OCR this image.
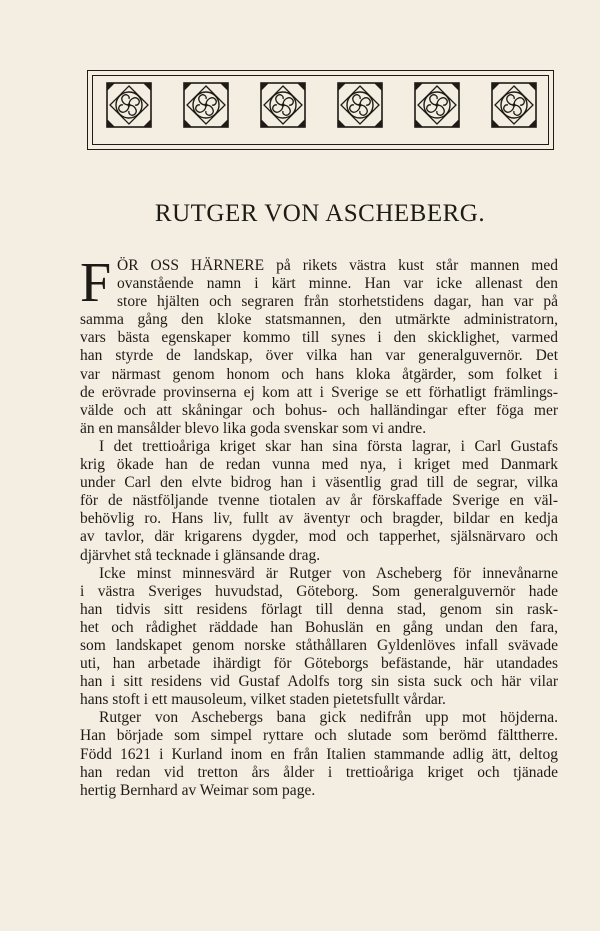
RUTGER VON ASCHEBERG.
F ÖR OSS HÄRNERE på rikets västra kust står mannen med
ovanstående namn i kärt minne. Han var icke allenast den
store hjälten och segraren från storhetstidens dagar, han var på
samma gång den kloke statsmannen, den utmärkte administratorn,
vars bästa egenskaper kommo till synes i den skicklighet, varmed
han styrde de landskap, över vilka han var generalguvernör. Det
var närmast genom honom och hans kloka åtgärder, som folket i
de erövrade provinserna ej kom att i Sverige se ett förhatligt främlings-
välde och att skåningar och bohus- och halländingar efter föga mer
än en mansålder blevo lika goda svenskar som vi andre.
I det trettioåriga kriget skar han sina första lagrar, i Carl Gustafs
krig ökade han de redan vunna med nya, i kriget med Danmark
under Carl den elvte bidrog han i väsentlig grad till de segrar, vilka
för de nästföljande tvenne tiotalen av år förskaffade Sverige en väl-
behövlig ro. Hans liv, fullt av äventyr och bragder, bildar en kedja
av tavlor, där krigarens dygder, mod och tapperhet, själsnärvaro och
djärvhet stå tecknade i glänsande drag.
Icke minst minnesvärd är Rutger von Ascheberg för innevånarne
i västra Sveriges huvudstad, Göteborg. Som generalguvernör hade
han tidvis sitt residens förlagt till denna stad, genom sin rask-
het och rådighet räddade han Bohuslän en gång undan den fara,
som landskapet genom norske ståthållaren Gyldenlöves infall svävade
uti, han arbetade ihärdigt för Göteborgs befästande, här utandades
han i sitt residens vid Gustaf Adolfs torg sin sista suck och här vilar
hans stoft i ett mausoleum, vilket staden pietetsfullt vårdar.
Rutger von Aschebergs bana gick nedifrån upp mot höjderna.
Han började som simpel ryttare och slutade som berömd fälttherre.
Född 1621 i Kurland inom en från Italien stammande adlig ätt, deltog
han redan vid tretton års ålder i trettioåriga kriget och tjänade
hertig Bernhard av Weimar som page.
